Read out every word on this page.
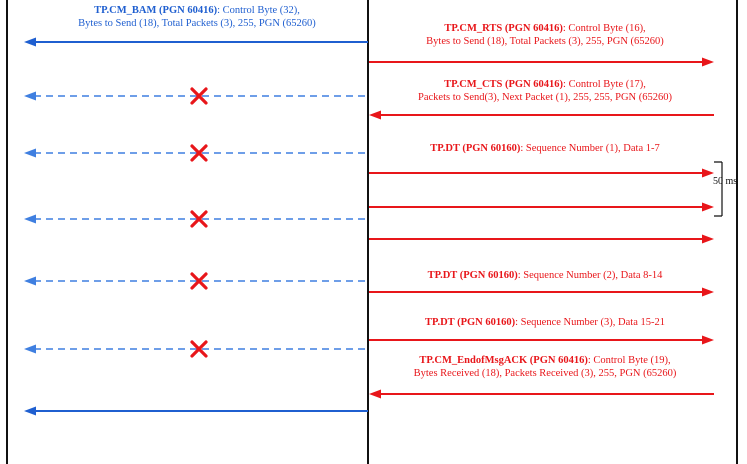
TP.CM_BAM (PGN 60416): Control Byte (32),
Bytes to Send (18), Total Packets (3), 255, PGN (65260)	TP.CM_RTS (PGN 60416): Control Byte (16),
Bytes to Send (18), Total Packets (3), 255, PGN (65260)
TP.CM_CTS (PGN 60416): Control Byte (17),
Packets to Send(3), Next Packet (1), 255, 255, PGN (65260)
TP.DT (PGN 60160): Sequence Number (1), Data 1-7
50 ms
TP.DT (PGN 60160): Sequence Number (2), Data 8-14
TP.DT (PGN 60160): Sequence Number (3), Data 15-21
TP.CM_EndofMsgACK (PGN 60416): Control Byte (19),
Bytes Received (18), Packets Received (3), 255, PGN (65260)
